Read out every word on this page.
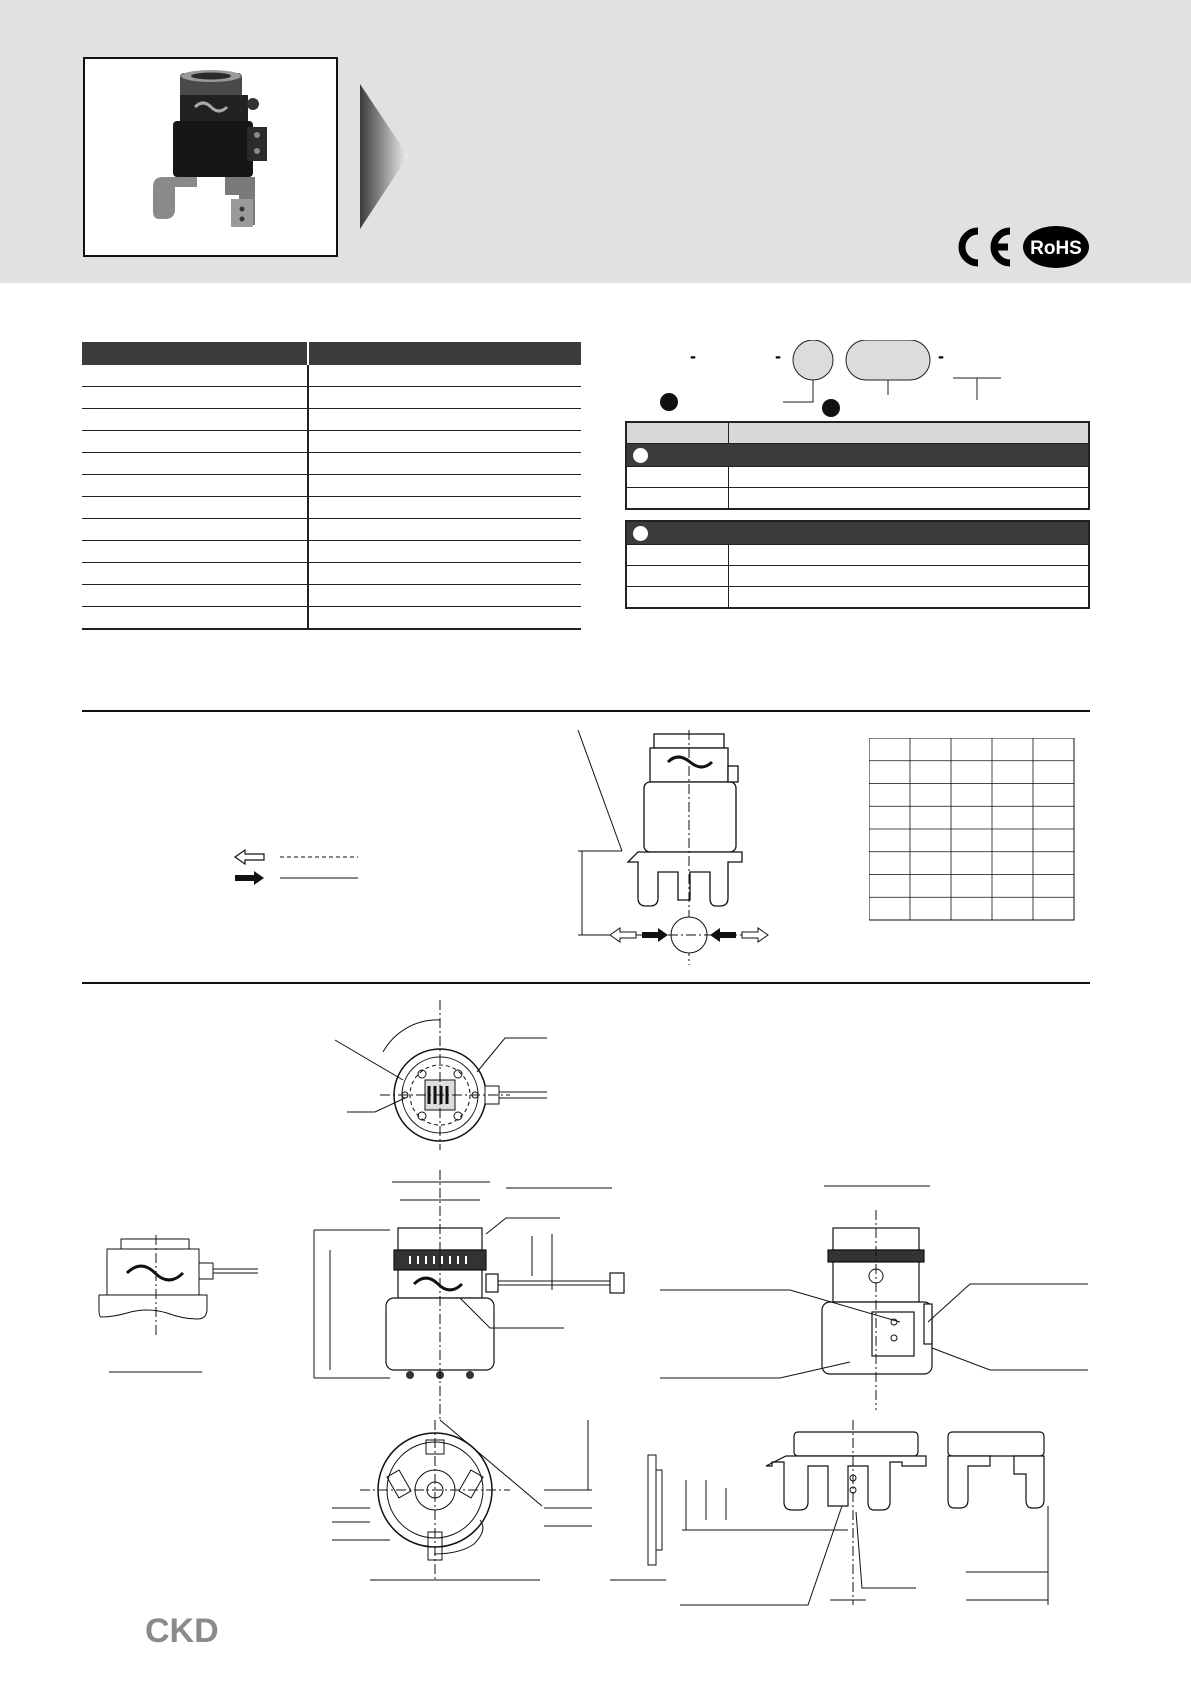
RoHS

-	-	-

CKD
